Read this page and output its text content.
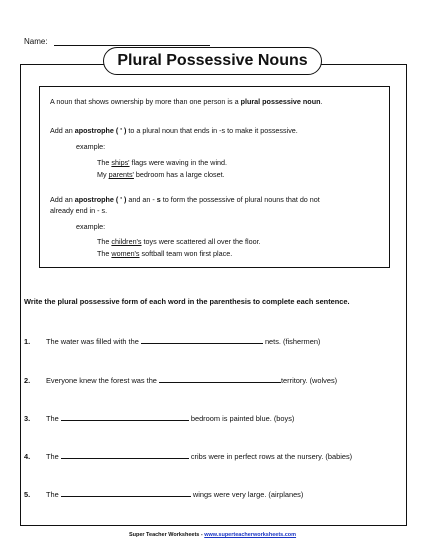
Name:
Plural Possessive Nouns

A noun that shows ownership by more than one person is a plural possessive noun.

Add an apostrophe ( ' ) to a plural noun that ends in -s to make it possessive.

example:

The ships' flags were waving in the wind.

My parents' bedroom has a large closet.

Add an apostrophe ( ' ) and an - s to form the possessive of plural nouns that do not

already end in - s.

example:

The children's toys were scattered all over the floor.

The women's softball team won first place.

Write the plural possessive form of each word in the parenthesis to complete each sentence.
1. The water was filled with the	nets. (fishermen)
2. Everyone knew the forest was the	territory. (wolves)
3. The	bedroom is painted blue. (boys)
4. The	cribs were in perfect rows at the nursery. (babies)
5. The	wings were very large. (airplanes)
Super Teacher Worksheets - www.superteacherworksheets.com
